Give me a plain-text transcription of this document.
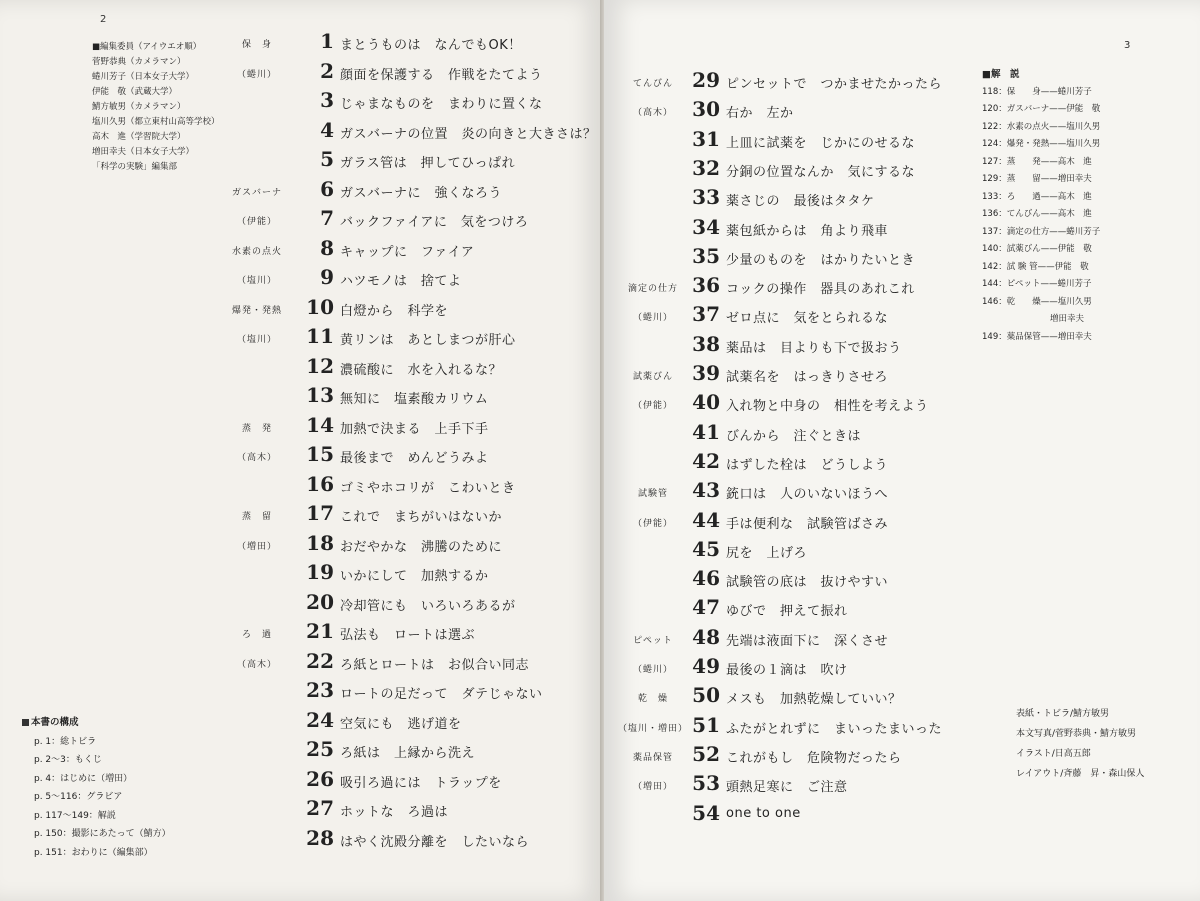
2
■編集委員（アイウエオ順）
菅野恭典（カメラマン）
蜷川芳子（日本女子大学）
伊能　敬（武蔵大学）
鯖方敏男（カメラマン）
塩川久男（都立東村山高等学校）
高木　進（学習院大学）
増田幸夫（日本女子大学）
「科学の実験」編集部
保　身	1 まとうものは　なんでもOK！
（蜷川）	2 顔面を保護する　作戦をたてよう
3 じゃまなものを　まわりに置くな
4 ガスバーナの位置　炎の向きと大きさは？
5 ガラス管は　押してひっぱれ
ガスバーナ	6 ガスバーナに　強くなろう
（伊能）	7 バックファイアに　気をつけろ
水素の点火	8 キャップに　ファイア
（塩川）	9 ハツモノは　捨てよ
爆発・発熱	10 白燈から　科学を
（塩川）	11 黄リンは　あとしまつが肝心
12 濃硫酸に　水を入れるな？
13 無知に　塩素酸カリウム
蒸　発	14 加熱で決まる　上手下手
（高木）	15 最後まで　めんどうみよ
16 ゴミやホコリが　こわいとき
蒸　留	17 これで　まちがいはないか
（増田）	18 おだやかな　沸騰のために
19 いかにして　加熱するか
20 冷却管にも　いろいろあるが
ろ　過	21 弘法も　ロートは選ぶ
（高木）	22 ろ紙とロートは　お似合い同志
23 ロートの足だって　ダテじゃない
24 空気にも　逃げ道を
25 ろ紙は　上縁から洗え
26 吸引ろ過には　トラップを
27 ホットな　ろ過は
28 はやく沈殿分離を　したいなら
本書の構成
p. 1：総トビラ
p. 2〜3：もくじ
p. 4：はじめに（増田）
p. 5〜116：グラビア
p. 117〜149：解説
p. 150：撮影にあたって（鯖方）
p. 151：おわりに（編集部）
3
てんびん 29 ピンセットで　つかませたかったら
（高木） 30 右か　左か
31 上皿に試薬を　じかにのせるな
32 分銅の位置なんか　気にするな
33 薬さじの　最後はタタケ
34 薬包紙からは　角より飛車
35 少量のものを　はかりたいとき
滴定の仕方 36 コックの操作　器具のあれこれ
（蜷川） 37 ゼロ点に　気をとられるな
38 薬品は　目よりも下で扱おう
試薬びん 39 試薬名を　はっきりさせろ
（伊能） 40 入れ物と中身の　相性を考えよう
41 びんから　注ぐときは
42 はずした栓は　どうしよう
試験管	43 銃口は　人のいないほうへ
（伊能） 44 手は便利な　試験管ばさみ
45 尻を　上げろ
46 試験管の底は　抜けやすい
47 ゆびで　押えて振れ
ピペット 48 先端は液面下に　深くさせ
（蜷川） 49 最後の１滴は　吹け
乾　燥	50 メスも　加熱乾燥していい？
（塩川・増田） 51 ふたがとれずに　まいったまいった
薬品保管 52 これがもし　危険物だったら
（増田） 53 頭熱足寒に　ご注意
54 one to one
■解　説
118：保　　身——蜷川芳子
120：ガスバーナ——伊能　敬
122：水素の点火——塩川久男
124：爆発・発熱——塩川久男
127：蒸　　発——高木　進
129：蒸　　留——増田幸夫
133：ろ　　過——高木　進
136：てんびん——高木　進
137：滴定の仕方——蜷川芳子
140：試薬びん——伊能　敬
142：試 験 管——伊能　敬
144：ピペット——蜷川芳子
146：乾　　燥——塩川久男
　　　　　　　　増田幸夫
149：薬品保管——増田幸夫
表紙・トビラ/鯖方敏男
本文写真/菅野恭典・鯖方敏男
イラスト/日高五郎
レイアウト/斉藤　昇・森山保人
